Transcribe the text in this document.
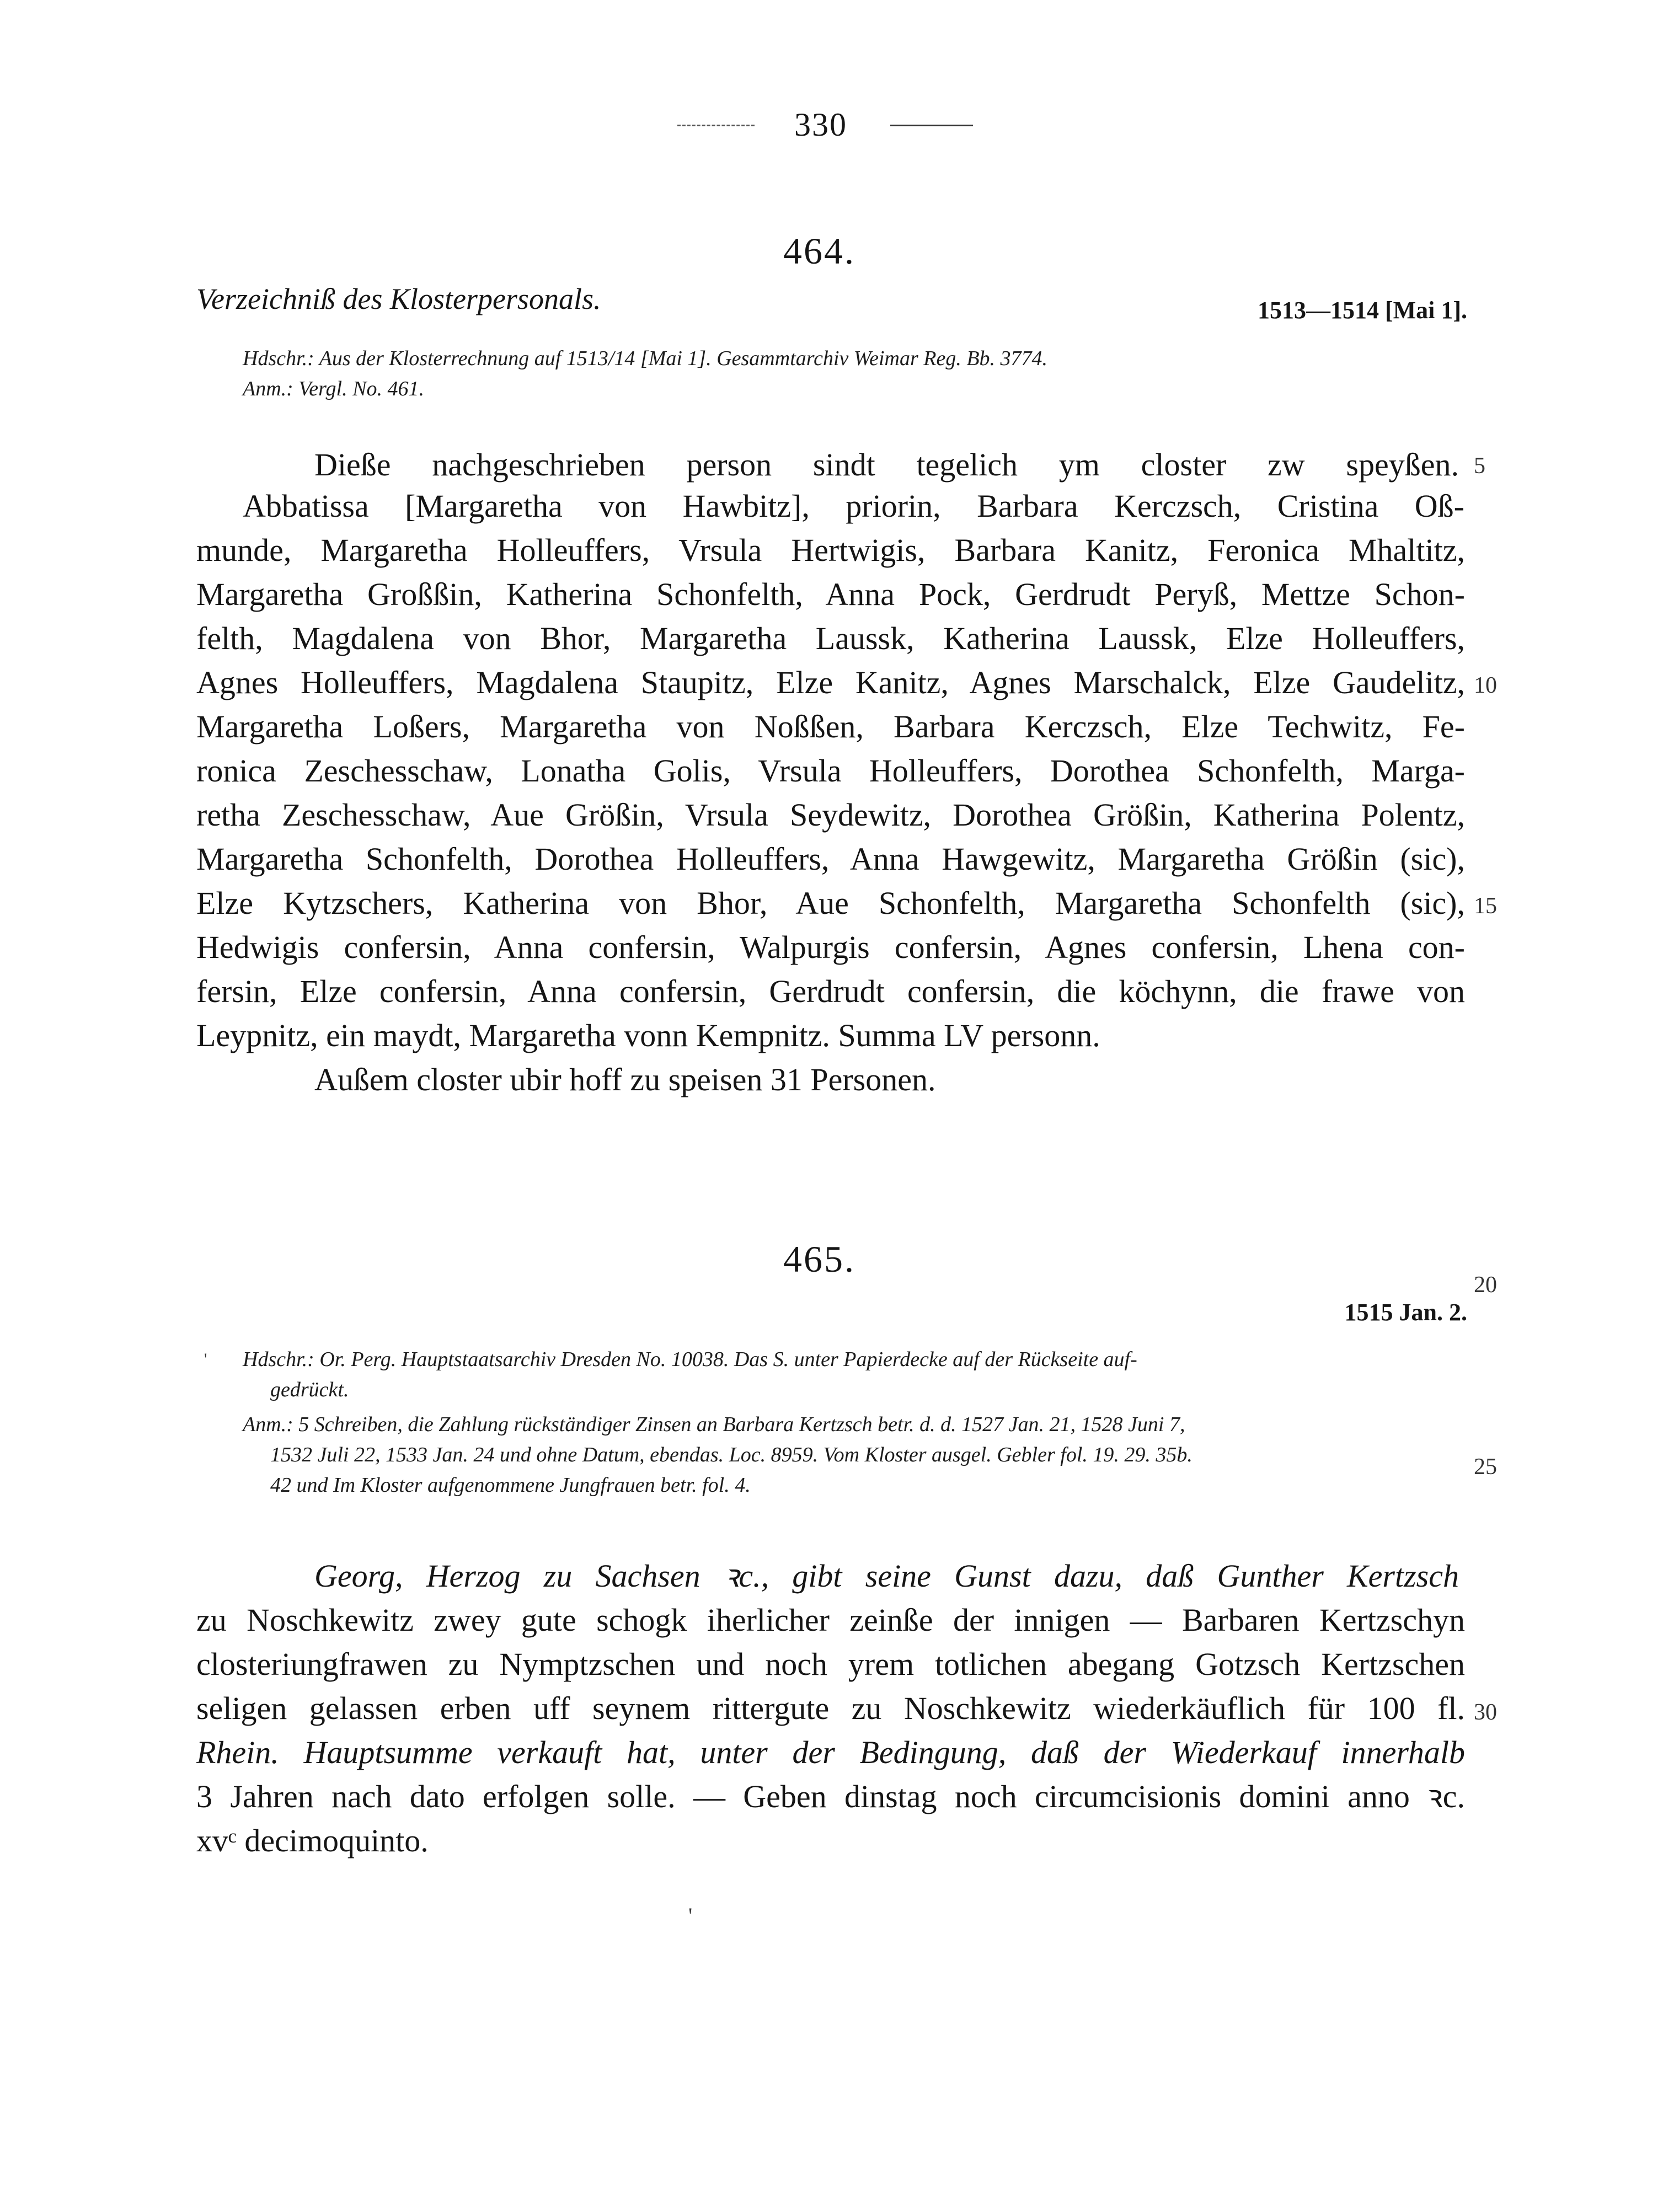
330
464.
Verzeichniß des Klosterpersonals.	1513—1514 [Mai 1].
Hdschr.: Aus der Klosterrechnung auf 1513/14 [Mai 1]. Gesammtarchiv Weimar Reg. Bb. 3774.
Anm.: Vergl. No. 461.
Dieße nachgeschrieben person sindt tegelich ym closter zw speyßen.
Abbatissa [Margaretha von Hawbitz], priorin, Barbara Kerczsch, Cristina Oß-
munde, Margaretha Holleuffers, Vrsula Hertwigis, Barbara Kanitz, Feronica Mhaltitz,
Margaretha Großßin, Katherina Schonfelth, Anna Pock, Gerdrudt Peryß, Mettze Schon-
felth, Magdalena von Bhor, Margaretha Laussk, Katherina Laussk, Elze Holleuffers,
Agnes Holleuffers, Magdalena Staupitz, Elze Kanitz, Agnes Marschalck, Elze Gaudelitz,
Margaretha Loßers, Margaretha von Noßßen, Barbara Kerczsch, Elze Techwitz, Fe-
ronica Zeschesschaw, Lonatha Golis, Vrsula Holleuffers, Dorothea Schonfelth, Marga-
retha Zeschesschaw, Aue Größin, Vrsula Seydewitz, Dorothea Größin, Katherina Polentz,
Margaretha Schonfelth, Dorothea Holleuffers, Anna Hawgewitz, Margaretha Größin (sic),
Elze Kytzschers, Katherina von Bhor, Aue Schonfelth, Margaretha Schonfelth (sic),
Hedwigis confersin, Anna confersin, Walpurgis confersin, Agnes confersin, Lhena con-
fersin, Elze confersin, Anna confersin, Gerdrudt confersin, die köchynn, die frawe von
Leypnitz, ein maydt, Margaretha vonn Kempnitz. Summa LV personn.
Außem closter ubir hoff zu speisen 31 Personen.
465.
1515 Jan. 2.
' Hdschr.: Or. Perg. Hauptstaatsarchiv Dresden No. 10038. Das S. unter Papierdecke auf der Rückseite auf-
gedrückt.
Anm.: 5 Schreiben, die Zahlung rückständiger Zinsen an Barbara Kertzsch betr. d. d. 1527 Jan. 21, 1528 Juni 7,
1532 Juli 22, 1533 Jan. 24 und ohne Datum, ebendas. Loc. 8959. Vom Kloster ausgel. Gebler fol. 19. 29. 35b.
42 und Im Kloster aufgenommene Jungfrauen betr. fol. 4.
Georg, Herzog zu Sachsen ꝛc., gibt seine Gunst dazu, daß Gunther Kertzsch
zu Noschkewitz zwey gute schogk iherlicher zeinße der innigen — Barbaren Kertzschyn
closteriungfrawen zu Nymptzschen und noch yrem totlichen abegang Gotzsch Kertzschen
seligen gelassen erben uff seynem rittergute zu Noschkewitz wiederkäuflich für 100 fl.
Rhein. Hauptsumme verkauft hat, unter der Bedingung, daß der Wiederkauf innerhalb
3 Jahren nach dato erfolgen solle. — Geben dinstag noch circumcisionis domini anno ꝛc.
xvᶜ decimoquinto.
'
5
10
15
20
25
30
